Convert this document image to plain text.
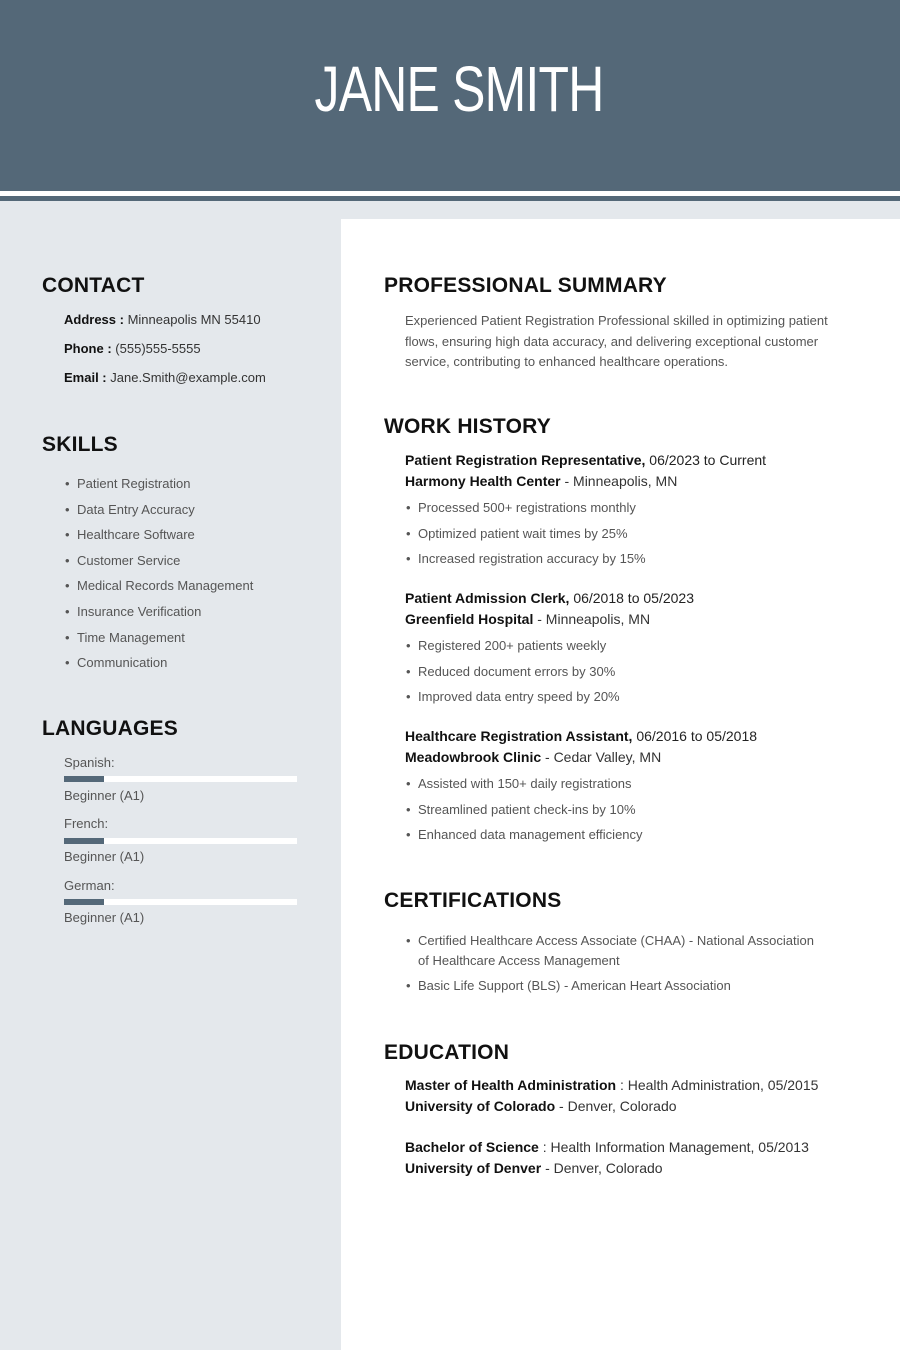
JANE SMITH
CONTACT
Address : Minneapolis MN 55410
Phone : (555)555-5555
Email : Jane.Smith@example.com
SKILLS
• Patient Registration
• Data Entry Accuracy
• Healthcare Software
• Customer Service
• Medical Records Management
• Insurance Verification
• Time Management
• Communication
LANGUAGES
Spanish:
Beginner (A1)
French:
Beginner (A1)
German:
Beginner (A1)
PROFESSIONAL SUMMARY
Experienced Patient Registration Professional skilled in optimizing patient flows, ensuring high data accuracy, and delivering exceptional customer service, contributing to enhanced healthcare operations.
WORK HISTORY
Patient Registration Representative, 06/2023 to Current
Harmony Health Center - Minneapolis, MN
• Processed 500+ registrations monthly
• Optimized patient wait times by 25%
• Increased registration accuracy by 15%
Patient Admission Clerk, 06/2018 to 05/2023
Greenfield Hospital - Minneapolis, MN
• Registered 200+ patients weekly
• Reduced document errors by 30%
• Improved data entry speed by 20%
Healthcare Registration Assistant, 06/2016 to 05/2018
Meadowbrook Clinic - Cedar Valley, MN
• Assisted with 150+ daily registrations
• Streamlined patient check-ins by 10%
• Enhanced data management efficiency
CERTIFICATIONS
• Certified Healthcare Access Associate (CHAA) - National Association of Healthcare Access Management
• Basic Life Support (BLS) - American Heart Association
EDUCATION
Master of Health Administration : Health Administration, 05/2015
University of Colorado - Denver, Colorado
Bachelor of Science : Health Information Management, 05/2013
University of Denver - Denver, Colorado
